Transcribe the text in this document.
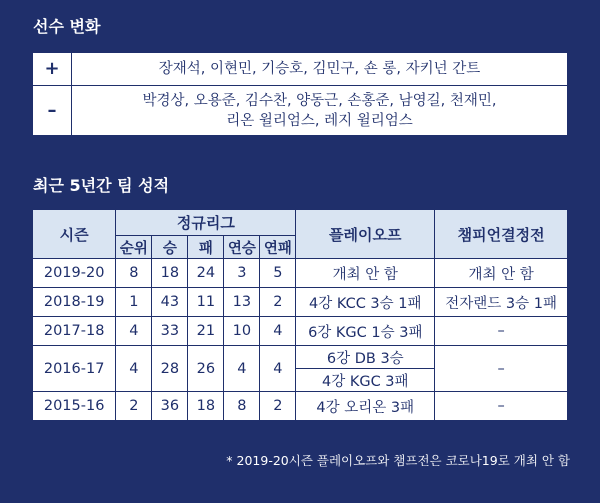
선수 변화
+	장재석, 이현민, 기승호, 김민구, 숀 롱, 자키넌 간트
–	박경상, 오용준, 김수찬, 양동근, 손홍준, 남영길, 천재민,
리온 윌리엄스, 레지 윌리엄스
최근 5년간 팀 성적
시즌	정규리그					플레이오프	챔피언결정전
	순위	승	패	연승	연패		
2019-20	8	18	24	3	5	개최 안 함	개최 안 함
2018-19	1	43	11	13	2	4강 KCC 3승 1패	전자랜드 3승 1패
2017-18	4	33	21	10	4	6강 KGC 1승 3패	–
2016-17	4	28	26	4	4	6강 DB 3승	–
						4강 KGC 3패	
2015-16	2	36	18	8	2	4강 오리온 3패	–
* 2019-20시즌 플레이오프와 챔프전은 코로나19로 개최 안 함
